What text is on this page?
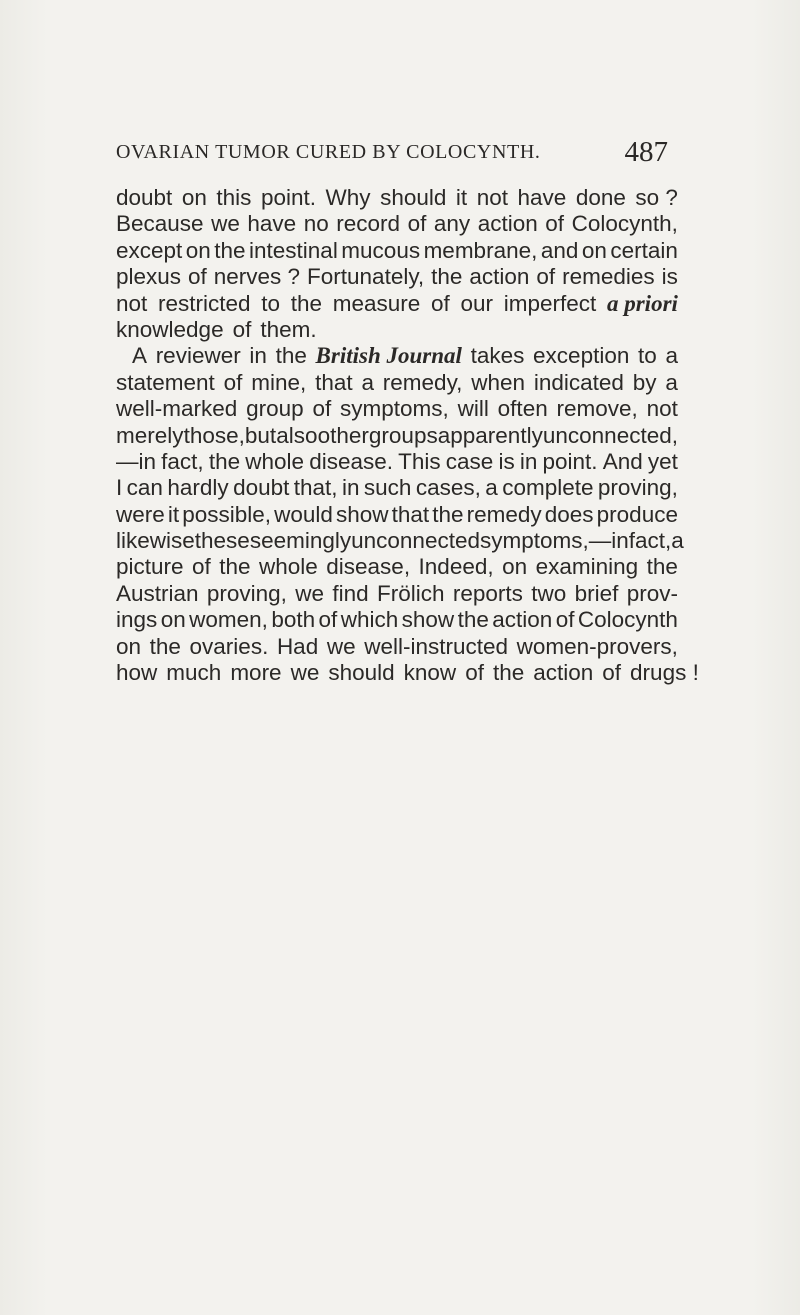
OVARIAN TUMOR CURED BY COLOCYNTH.	487
doubt on this point. Why should it not have done so ?
Because we have no record of any action of Colocynth,
except on the intestinal mucous membrane, and on certain
plexus of nerves ? Fortunately, the action of remedies is
not restricted to the measure of our imperfect a priori
knowledge of them.
A reviewer in the British Journal takes exception to a
statement of mine, that a remedy, when indicated by a
well-marked group of symptoms, will often remove, not
merely those, but also other groups apparently unconnected,
—in fact, the whole disease. This case is in point. And yet
I can hardly doubt that, in such cases, a complete proving,
were it possible, would show that the remedy does produce
likewise these seemingly unconnected symptoms,— in fact, a
picture of the whole disease, Indeed, on examining the
Austrian proving, we find Frölich reports two brief prov-
ings on women, both of which show the action of Colocynth
on the ovaries. Had we well-instructed women-provers,
how much more we should know of the action of drugs !
